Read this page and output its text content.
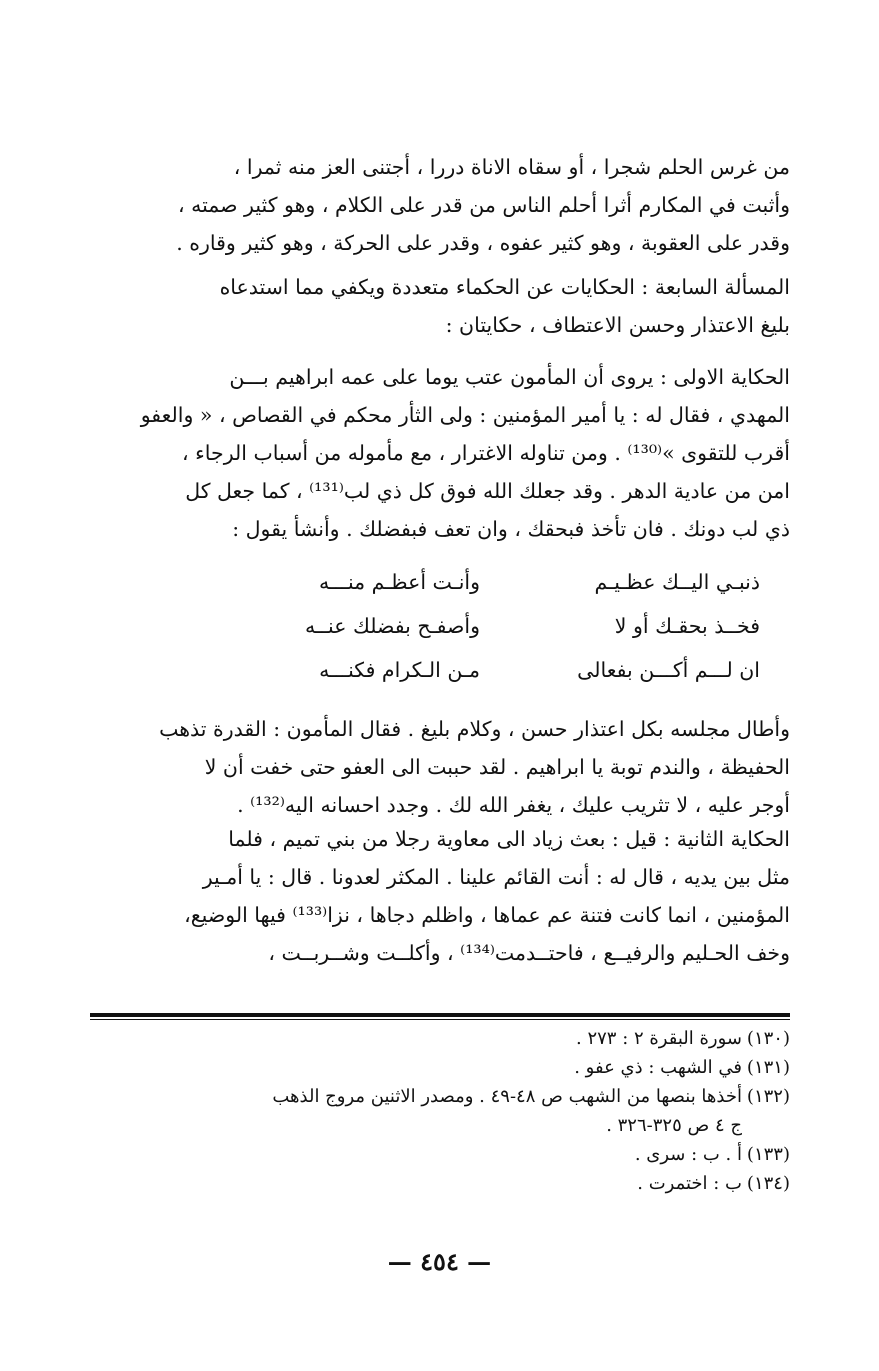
من غرس الحلم شجرا ، أو سقاه الاناة دررا ، أجتنى العز منه ثمرا ،
وأثبت في المكارم أثرا أحلم الناس من قدر على الكلام ، وهو كثير صمته ،
وقدر على العقوبة ، وهو كثير عفوه ، وقدر على الحركة ، وهو كثير وقاره .
المسألة السابعة : الحكايات عن الحكماء متعددة ويكفي مما استدعاه
بليغ الاعتذار وحسن الاعتطاف ، حكايتان :
الحكاية الاولى : يروى أن المأمون عتب يوما على عمه ابراهيم بـــن
المهدي ، فقال له : يا أمير المؤمنين : ولى الثأر محكم في القصاص ، « والعفو
أقرب للتقوى »⁽¹³⁰⁾ . ومن تناوله الاغترار ، مع مأموله من أسباب الرجاء ،
امن من عادية الدهر . وقد جعلك الله فوق كل ذي لب⁽¹³¹⁾ ، كما جعل كل
ذي لب دونك . فان تأخذ فبحقك ، وان تعف فبفضلك . وأنشأ يقول :
ذنبـي اليــك عظـيـم
وأنـت أعظـم منـــه
فخــذ بحقـك أو لا
وأصفـح بفضلك عنــه
ان لـــم أكـــن بفعالى
مـن الـكرام فكنـــه
وأطال مجلسه بكل اعتذار حسن ، وكلام بليغ . فقال المأمون : القدرة تذهب
الحفيظة ، والندم توبة يا ابراهيم . لقد حببت الى العفو حتى خفت أن لا
أوجر عليه ، لا تثريب عليك ، يغفر الله لك . وجدد احسانه اليه⁽¹³²⁾ .
الحكاية الثانية : قيل : بعث زياد الى معاوية رجلا من بني تميم ، فلما
مثل بين يديه ، قال له : أنت القائم علينا . المكثر لعدونا . قال : يا أمـير
المؤمنين ، انما كانت فتنة عم عماها ، واظلم دجاها ، نزا⁽¹³³⁾ فيها الوضيع،
وخف الحـليم والرفيــع ، فاحتــدمت⁽¹³⁴⁾ ، وأكلــت وشــربــت ،
(١٣٠)
سورة البقرة ٢ : ٢٧٣ .
(١٣١)
في الشهب : ذي عفو .
(١٣٢)
أخذها بنصها من الشهب ص ٤٨-٤٩ . ومصدر الاثنين مروج الذهب
ج ٤ ص ٣٢٥-٣٢٦ .
(١٣٣)
أ . ب : سرى .
(١٣٤)
ب : اختمرت .
— ٤٥٤ —
